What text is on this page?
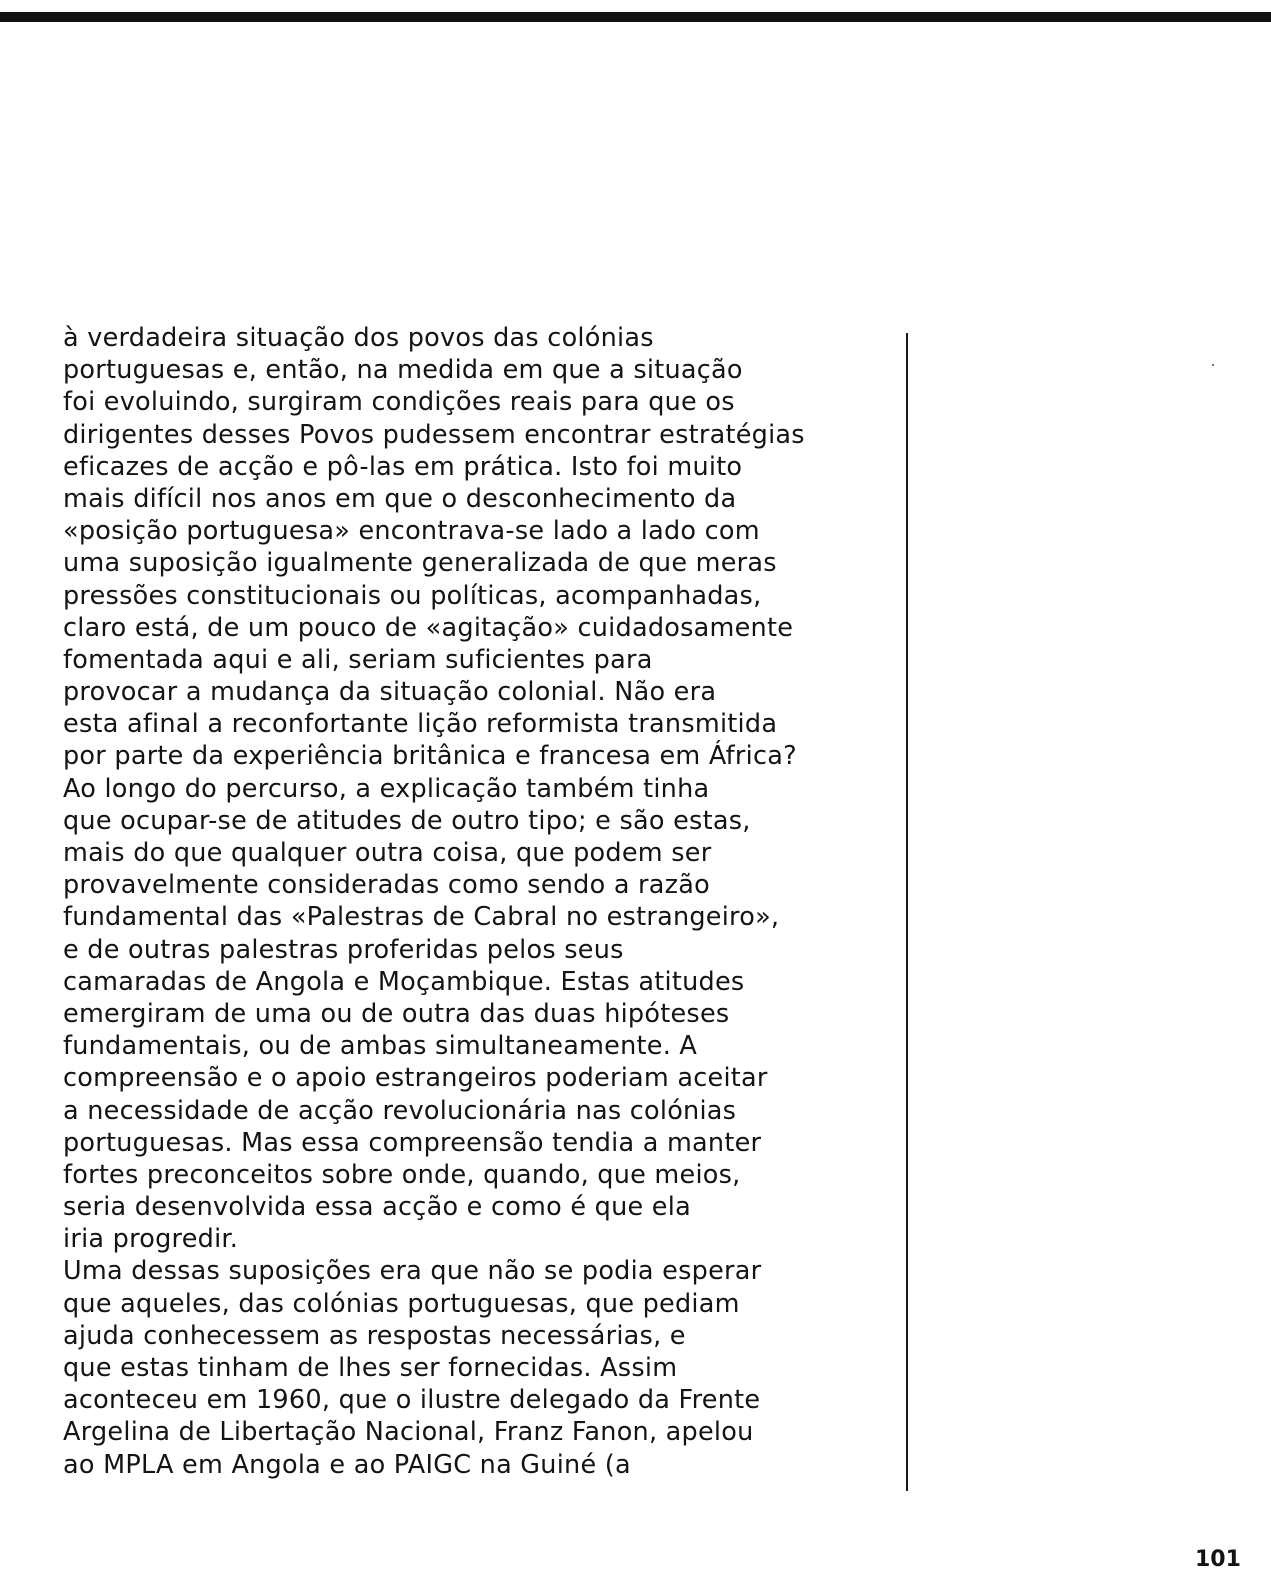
à verdadeira situação dos povos das colónias
portuguesas e, então, na medida em que a situação
foi evoluindo, surgiram condições reais para que os
dirigentes desses Povos pudessem encontrar estratégias
eficazes de acção e pô-las em prática. Isto foi muito
mais difícil nos anos em que o desconhecimento da
«posição portuguesa» encontrava-se lado a lado com
uma suposição igualmente generalizada de que meras
pressões constitucionais ou políticas, acompanhadas,
claro está, de um pouco de «agitação» cuidadosamente
fomentada aqui e ali, seriam suficientes para
provocar a mudança da situação colonial. Não era
esta afinal a reconfortante lição reformista transmitida
por parte da experiência britânica e francesa em África?
Ao longo do percurso, a explicação também tinha
que ocupar-se de atitudes de outro tipo; e são estas,
mais do que qualquer outra coisa, que podem ser
provavelmente consideradas como sendo a razão
fundamental das «Palestras de Cabral no estrangeiro»,
e de outras palestras proferidas pelos seus
camaradas de Angola e Moçambique. Estas atitudes
emergiram de uma ou de outra das duas hipóteses
fundamentais, ou de ambas simultaneamente. A
compreensão e o apoio estrangeiros poderiam aceitar
a necessidade de acção revolucionária nas colónias
portuguesas. Mas essa compreensão tendia a manter
fortes preconceitos sobre onde, quando, que meios,
seria desenvolvida essa acção e como é que ela
iria progredir.
Uma dessas suposições era que não se podia esperar
que aqueles, das colónias portuguesas, que pediam
ajuda conhecessem as respostas necessárias, e
que estas tinham de lhes ser fornecidas. Assim
aconteceu em 1960, que o ilustre delegado da Frente
Argelina de Libertação Nacional, Franz Fanon, apelou
ao MPLA em Angola e ao PAIGC na Guiné (a
101
